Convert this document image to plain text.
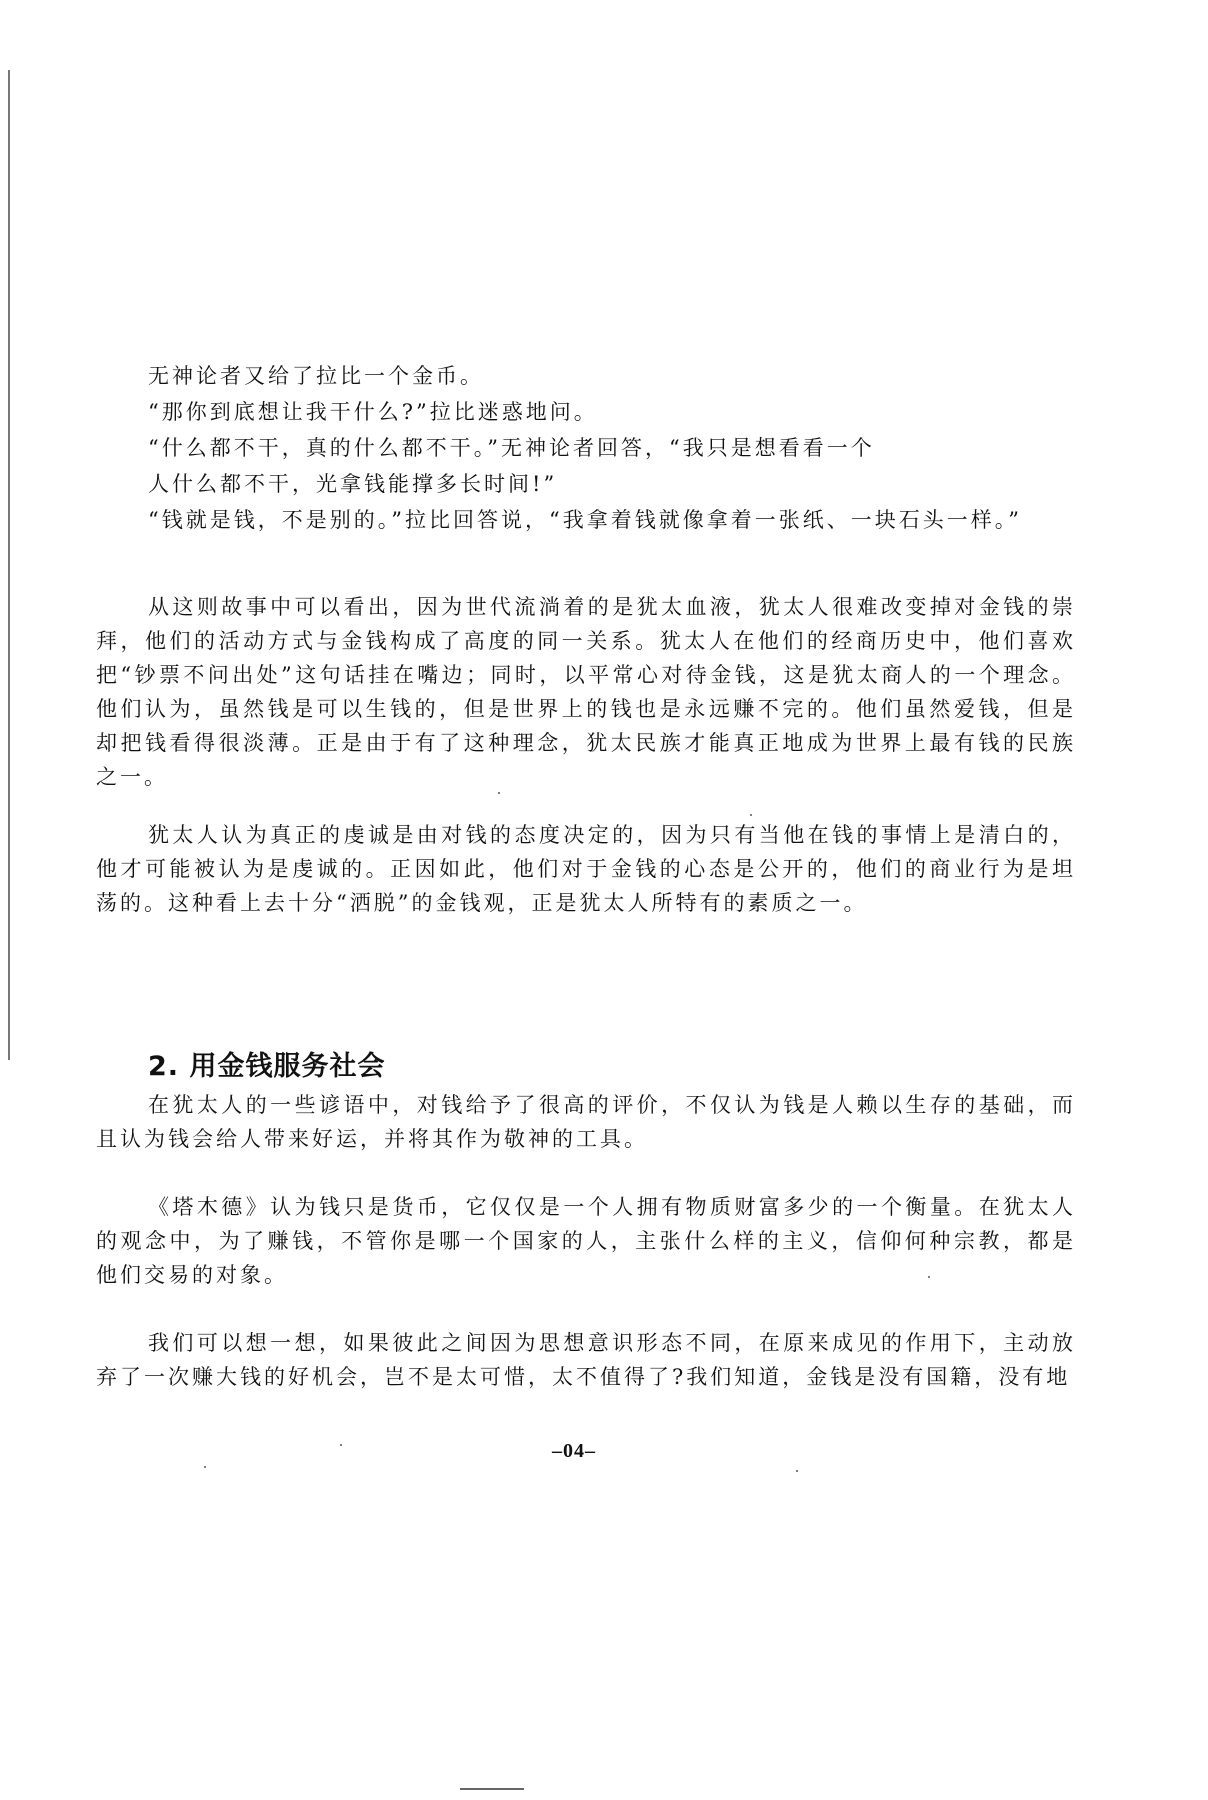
无神论者又给了拉比一个金币。
“那你到底想让我干什么?”拉比迷惑地问。
“什么都不干，真的什么都不干。”无神论者回答，“我只是想看看一个
人什么都不干，光拿钱能撑多长时间!”
“钱就是钱，不是别的。”拉比回答说，“我拿着钱就像拿着一张纸、一块石头一样。”
从这则故事中可以看出，因为世代流淌着的是犹太血液，犹太人很难改变掉对金钱的崇拜，他们的活动方式与金钱构成了高度的同一关系。犹太人在他们的经商历史中，他们喜欢把“钞票不问出处”这句话挂在嘴边；同时，以平常心对待金钱，这是犹太商人的一个理念。他们认为，虽然钱是可以生钱的，但是世界上的钱也是永远赚不完的。他们虽然爱钱，但是却把钱看得很淡薄。正是由于有了这种理念，犹太民族才能真正地成为世界上最有钱的民族之一。
犹太人认为真正的虔诚是由对钱的态度决定的，因为只有当他在钱的事情上是清白的，他才可能被认为是虔诚的。正因如此，他们对于金钱的心态是公开的，他们的商业行为是坦荡的。这种看上去十分“洒脱”的金钱观，正是犹太人所特有的素质之一。
2. 用金钱服务社会
在犹太人的一些谚语中，对钱给予了很高的评价，不仅认为钱是人赖以生存的基础，而且认为钱会给人带来好运，并将其作为敬神的工具。
《塔木德》认为钱只是货币，它仅仅是一个人拥有物质财富多少的一个衡量。在犹太人的观念中，为了赚钱，不管你是哪一个国家的人，主张什么样的主义，信仰何种宗教，都是他们交易的对象。
我们可以想一想，如果彼此之间因为思想意识形态不同，在原来成见的作用下，主动放弃了一次赚大钱的好机会，岂不是太可惜，太不值得了?我们知道，金钱是没有国籍，没有地
–04–
